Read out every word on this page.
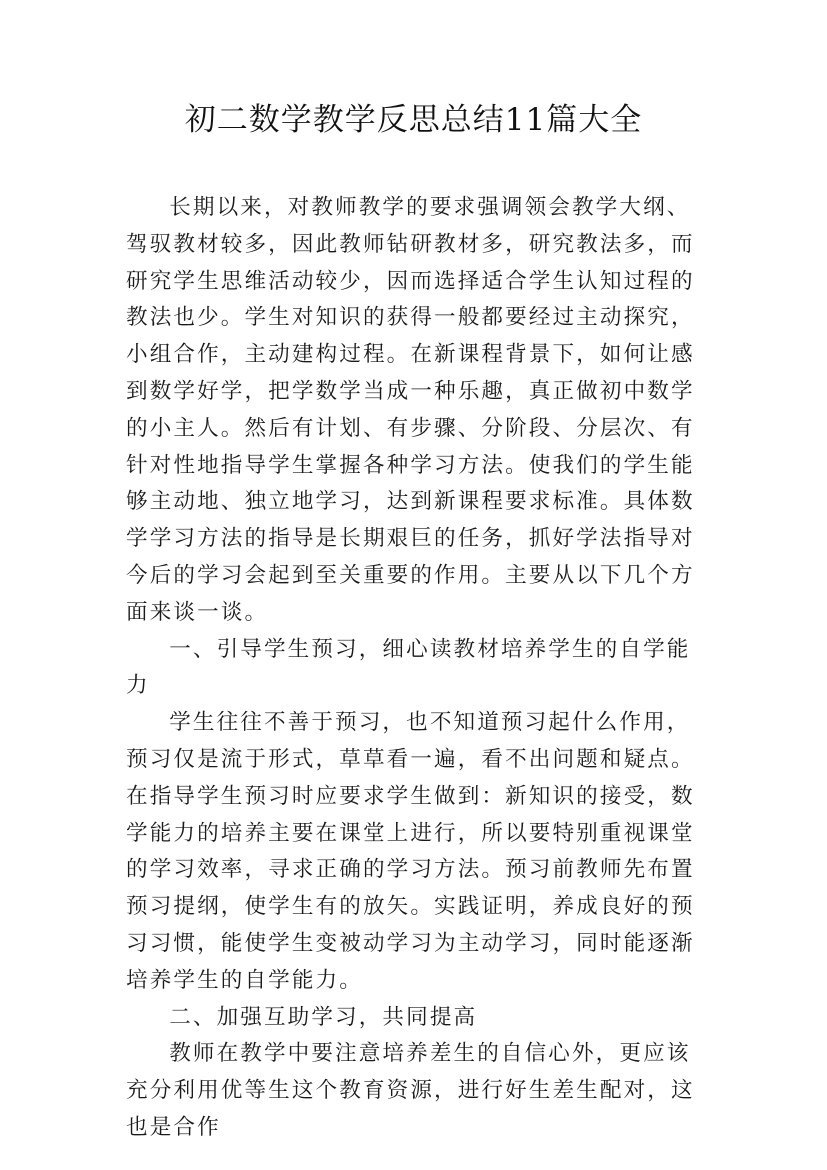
初二数学教学反思总结11篇大全

长期以来，对教师教学的要求强调领会教学大纲、驾驭教材较多，因此教师钻研教材多，研究教法多，而研究学生思维活动较少，因而选择适合学生认知过程的教法也少。学生对知识的获得一般都要经过主动探究，小组合作，主动建构过程。在新课程背景下，如何让感到数学好学，把学数学当成一种乐趣，真正做初中数学的小主人。然后有计划、有步骤、分阶段、分层次、有针对性地指导学生掌握各种学习方法。使我们的学生能够主动地、独立地学习，达到新课程要求标准。具体数学学习方法的指导是长期艰巨的任务，抓好学法指导对今后的学习会起到至关重要的作用。主要从以下几个方面来谈一谈。

一、引导学生预习，细心读教材培养学生的自学能力

学生往往不善于预习，也不知道预习起什么作用，预习仅是流于形式，草草看一遍，看不出问题和疑点。在指导学生预习时应要求学生做到：新知识的接受，数学能力的培养主要在课堂上进行，所以要特别重视课堂的学习效率，寻求正确的学习方法。预习前教师先布置预习提纲，使学生有的放矢。实践证明，养成良好的预习习惯，能使学生变被动学习为主动学习，同时能逐渐培养学生的自学能力。

二、加强互助学习，共同提高

教师在教学中要注意培养差生的自信心外，更应该充分利用优等生这个教育资源，进行好生差生配对，这也是合作
